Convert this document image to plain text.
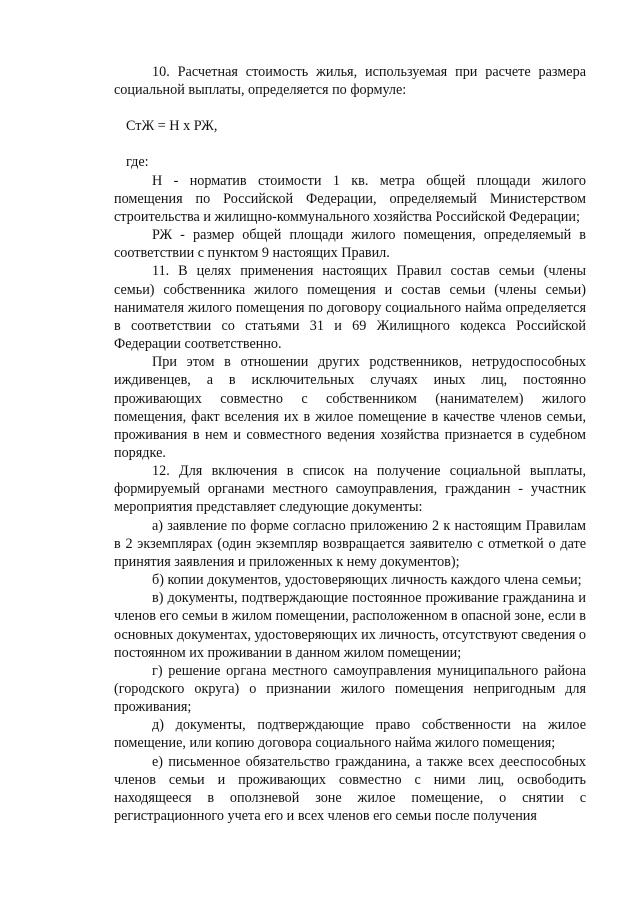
10. Расчетная стоимость жилья, используемая при расчете размера социальной выплаты, определяется по формуле:

СтЖ = Н х РЖ,

где:

Н - норматив стоимости 1 кв. метра общей площади жилого помещения по Российской Федерации, определяемый Министерством строительства и жилищно-коммунального хозяйства Российской Федерации;

РЖ - размер общей площади жилого помещения, определяемый в соответствии с пунктом 9 настоящих Правил.

11. В целях применения настоящих Правил состав семьи (члены семьи) собственника жилого помещения и состав семьи (члены семьи) нанимателя жилого помещения по договору социального найма определяется в соответствии со статьями 31 и 69 Жилищного кодекса Российской Федерации соответственно.

При этом в отношении других родственников, нетрудоспособных иждивенцев, а в исключительных случаях иных лиц, постоянно проживающих совместно с собственником (нанимателем) жилого помещения, факт вселения их в жилое помещение в качестве членов семьи, проживания в нем и совместного ведения хозяйства признается в судебном порядке.

12. Для включения в список на получение социальной выплаты, формируемый органами местного самоуправления, гражданин - участник мероприятия представляет следующие документы:

а) заявление по форме согласно приложению 2 к настоящим Правилам в 2 экземплярах (один экземпляр возвращается заявителю с отметкой о дате принятия заявления и приложенных к нему документов);

б) копии документов, удостоверяющих личность каждого члена семьи;

в) документы, подтверждающие постоянное проживание гражданина и членов его семьи в жилом помещении, расположенном в опасной зоне, если в основных документах, удостоверяющих их личность, отсутствуют сведения о постоянном их проживании в данном жилом помещении;

г) решение органа местного самоуправления муниципального района (городского округа) о признании жилого помещения непригодным для проживания;

д) документы, подтверждающие право собственности на жилое помещение, или копию договора социального найма жилого помещения;

е) письменное обязательство гражданина, а также всех дееспособных членов семьи и проживающих совместно с ними лиц, освободить находящееся в оползневой зоне жилое помещение, о снятии с регистрационного учета его и всех членов его семьи после получения
